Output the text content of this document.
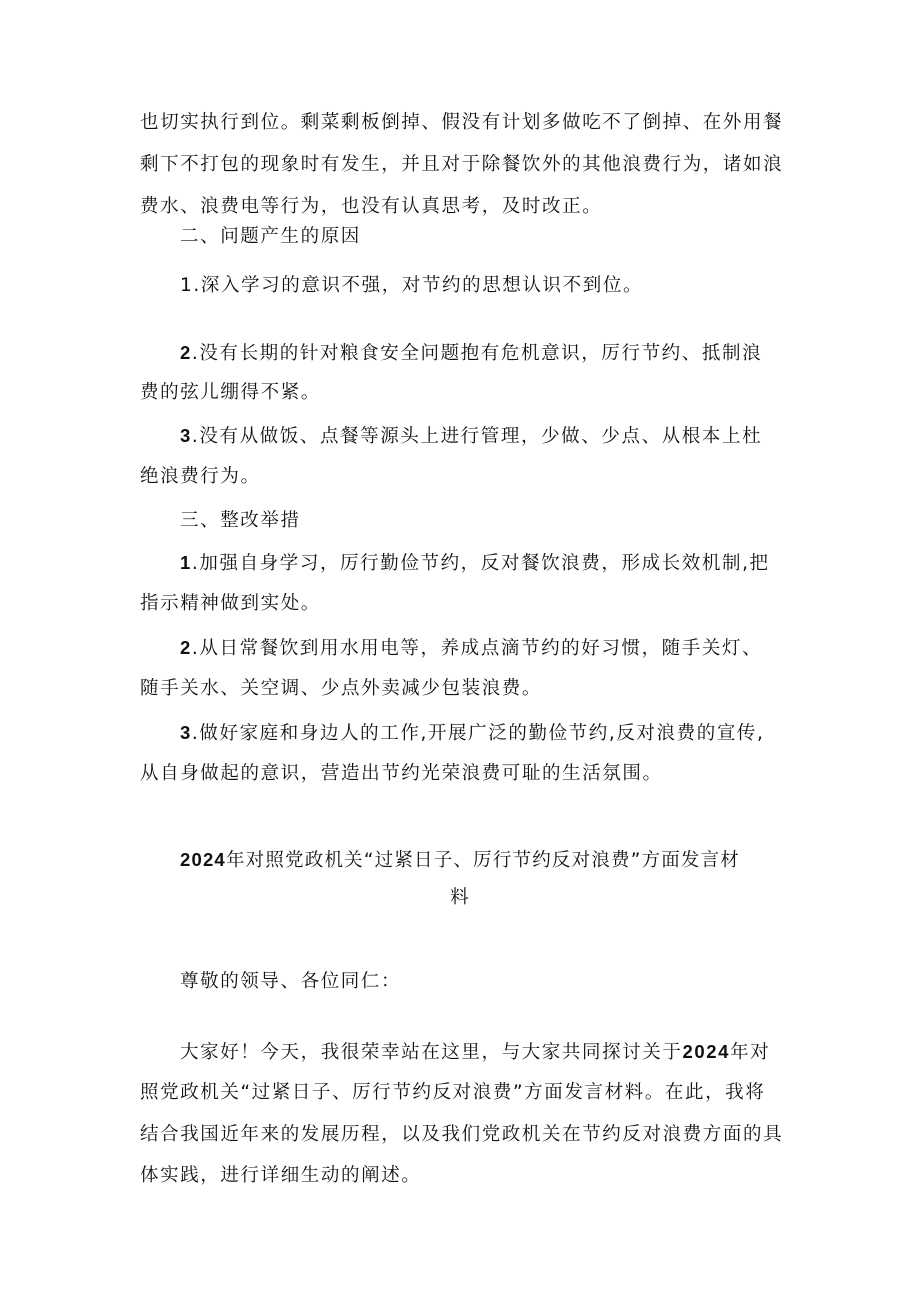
也切实执行到位。剩菜剩板倒掉、假没有计划多做吃不了倒掉、在外用餐
剩下不打包的现象时有发生，并且对于除餐饮外的其他浪费行为，诸如浪
费水、浪费电等行为，也没有认真思考，及时改正。
二、问题产生的原因
1.深入学习的意识不强，对节约的思想认识不到位。
2.没有长期的针对粮食安全问题抱有危机意识，厉行节约、抵制浪
费的弦儿绷得不紧。
3.没有从做饭、点餐等源头上进行管理，少做、少点、从根本上杜
绝浪费行为。
三、整改举措
1.加强自身学习，厉行勤俭节约，反对餐饮浪费，形成长效机制,把
指示精神做到实处。
2.从日常餐饮到用水用电等，养成点滴节约的好习惯，随手关灯、
随手关水、关空调、少点外卖减少包装浪费。
3.做好家庭和身边人的工作,开展广泛的勤俭节约,反对浪费的宣传,
从自身做起的意识，营造出节约光荣浪费可耻的生活氛围。
2024年对照党政机关“过紧日子、厉行节约反对浪费”方面发言材
料
尊敬的领导、各位同仁：
大家好！今天，我很荣幸站在这里，与大家共同探讨关于2024年对
照党政机关“过紧日子、厉行节约反对浪费”方面发言材料。在此，我将
结合我国近年来的发展历程，以及我们党政机关在节约反对浪费方面的具
体实践，进行详细生动的阐述。
